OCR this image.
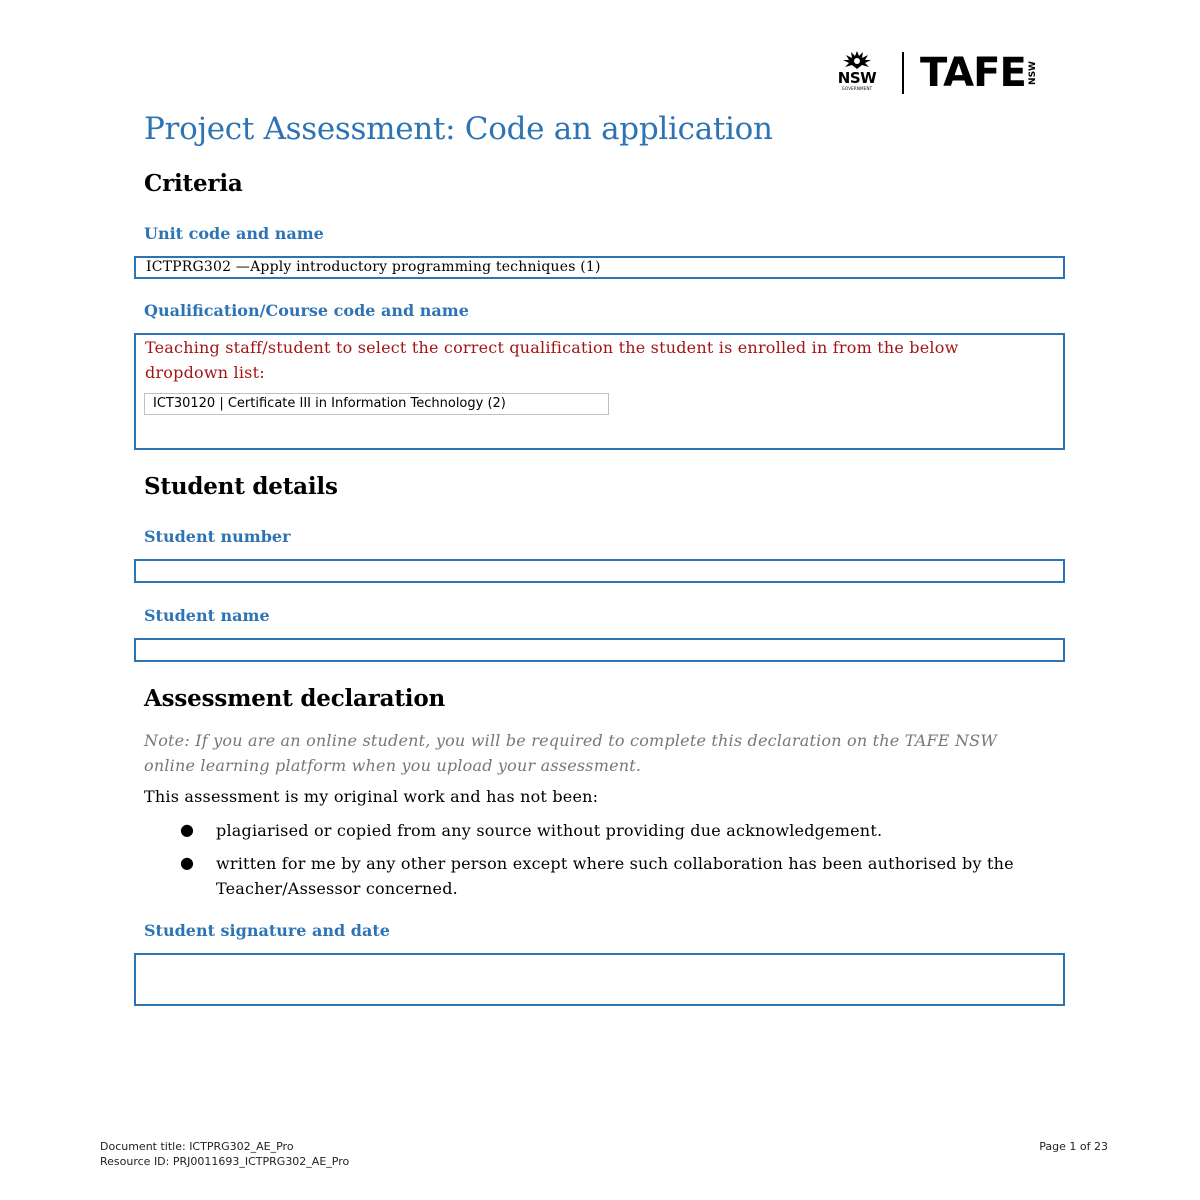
NSW
GOVERNMENT TAFE NSW
Project Assessment: Code an application
Criteria
Unit code and name
ICTPRG302 —Apply introductory programming techniques (1)
Qualification/Course code and name
Teaching staff/student to select the correct qualification the student is enrolled in from the below dropdown list:
ICT30120 | Certificate III in Information Technology (2)
Student details
Student number
Student name
Assessment declaration
Note: If you are an online student, you will be required to complete this declaration on the TAFE NSW online learning platform when you upload your assessment.
This assessment is my original work and has not been:
● plagiarised or copied from any source without providing due acknowledgement.
● written for me by any other person except where such collaboration has been authorised by the Teacher/Assessor concerned.
Student signature and date
Document title: ICTPRG302_AE_Pro
Resource ID: PRJ0011693_ICTPRG302_AE_Pro
Page 1 of 23
